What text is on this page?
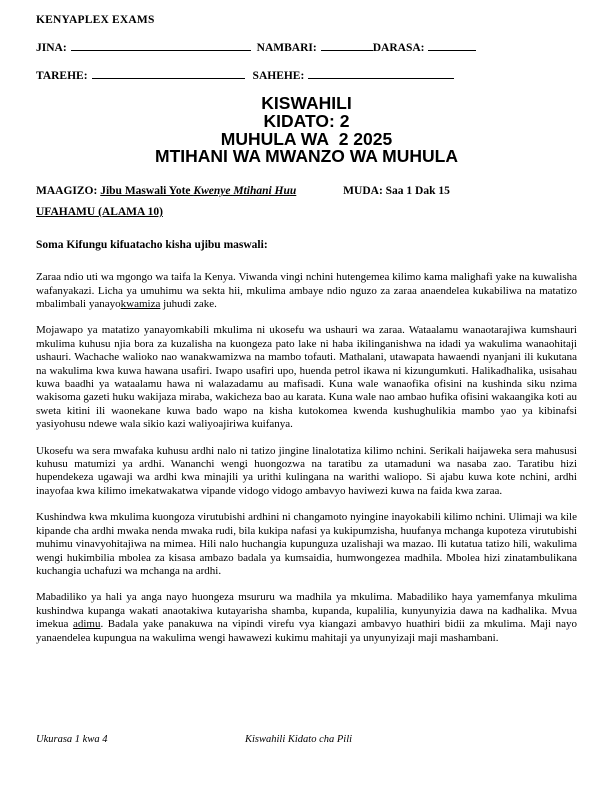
KENYAPLEX EXAMS
JINA:	NAMBARI:	DARASA:
TAREHE:	SAHEHE:
KISWAHILI
KIDATO: 2
MUHULA WA  2 2025
MTIHANI WA MWANZO WA MUHULA
MAAGIZO: Jibu Maswali Yote Kwenye Mtihani Huu	MUDA: Saa 1 Dak 15
UFAHAMU (ALAMA 10)
Soma Kifungu kifuatacho kisha ujibu maswali:

Zaraa ndio uti wa mgongo wa taifa la Kenya. Viwanda vingi nchini hutengemea kilimo kama malighafi yake na kuwalisha wafanyakazi. Licha ya umuhimu wa sekta hii, mkulima ambaye ndio nguzo za zaraa anaendelea kukabiliwa na matatizo mbalimbali yanayokwamiza juhudi zake.

Mojawapo ya matatizo yanayomkabili mkulima ni ukosefu wa ushauri wa zaraa. Wataalamu wanaotarajiwa kumshauri mkulima kuhusu njia bora za kuzalisha na kuongeza pato lake ni haba ikilinganishwa na idadi ya wakulima wanaohitaji ushauri. Wachache walioko nao wanakwamizwa na mambo tofauti. Mathalani, utawapata hawaendi nyanjani ili kukutana na wakulima kwa kuwa hawana usafiri. Iwapo usafiri upo, huenda petrol ikawa ni kizungumkuti. Halikadhalika, usisahau kuwa baadhi ya wataalamu hawa ni walazadamu au mafisadi. Kuna wale wanaofika ofisini na kushinda siku nzima wakisoma gazeti huku wakijaza miraba, wakicheza bao au karata. Kuna wale nao ambao hufika ofisini wakaangika koti au sweta kitini ili waonekane kuwa bado wapo na kisha kutokomea kwenda kushughulikia mambo yao ya kibinafsi yasiyohusu ndewe wala sikio kazi waliyoajiriwa kuifanya.

Ukosefu wa sera mwafaka kuhusu ardhi nalo ni tatizo jingine linalotatiza kilimo nchini. Serikali haijaweka sera mahususi kuhusu matumizi ya ardhi. Wananchi wengi huongozwa na taratibu za utamaduni wa nasaba zao. Taratibu hizi hupendekeza ugawaji wa ardhi kwa minajili ya urithi kulingana na warithi waliopo. Si ajabu kuwa kote nchini, ardhi inayofaa kwa kilimo imekatwakatwa vipande vidogo vidogo ambavyo haviwezi kuwa na faida kwa zaraa.

Kushindwa kwa mkulima kuongoza virutubishi ardhini ni changamoto nyingine inayokabili kilimo nchini. Ulimaji wa kile kipande cha ardhi mwaka nenda mwaka rudi, bila kukipa nafasi ya kukipumzisha, huufanya mchanga kupoteza virutubishi muhimu vinavyohitajiwa na mimea. Hili nalo huchangia kupunguza uzalishaji wa mazao. Ili kutatua tatizo hili, wakulima wengi hukimbilia mbolea za kisasa ambazo badala ya kumsaidia, humwongezea madhila. Mbolea hizi zinatambulikana kuchangia uchafuzi wa mchanga na ardhi.

Mabadiliko ya hali ya anga nayo huongeza msururu wa madhila ya mkulima. Mabadiliko haya yamemfanya mkulima kushindwa kupanga wakati anaotakiwa kutayarisha shamba, kupanda, kupalilia, kunyunyizia dawa na kadhalika. Mvua imekua adimu. Badala yake panakuwa na vipindi virefu vya kiangazi ambavyo huathiri bidii za mkulima. Maji nayo yanaendelea kupungua na wakulima wengi hawawezi kukimu mahitaji ya unyunyizaji maji mashambani.

Ukurasa 1 kwa 4	Kiswahili Kidato cha Pili
